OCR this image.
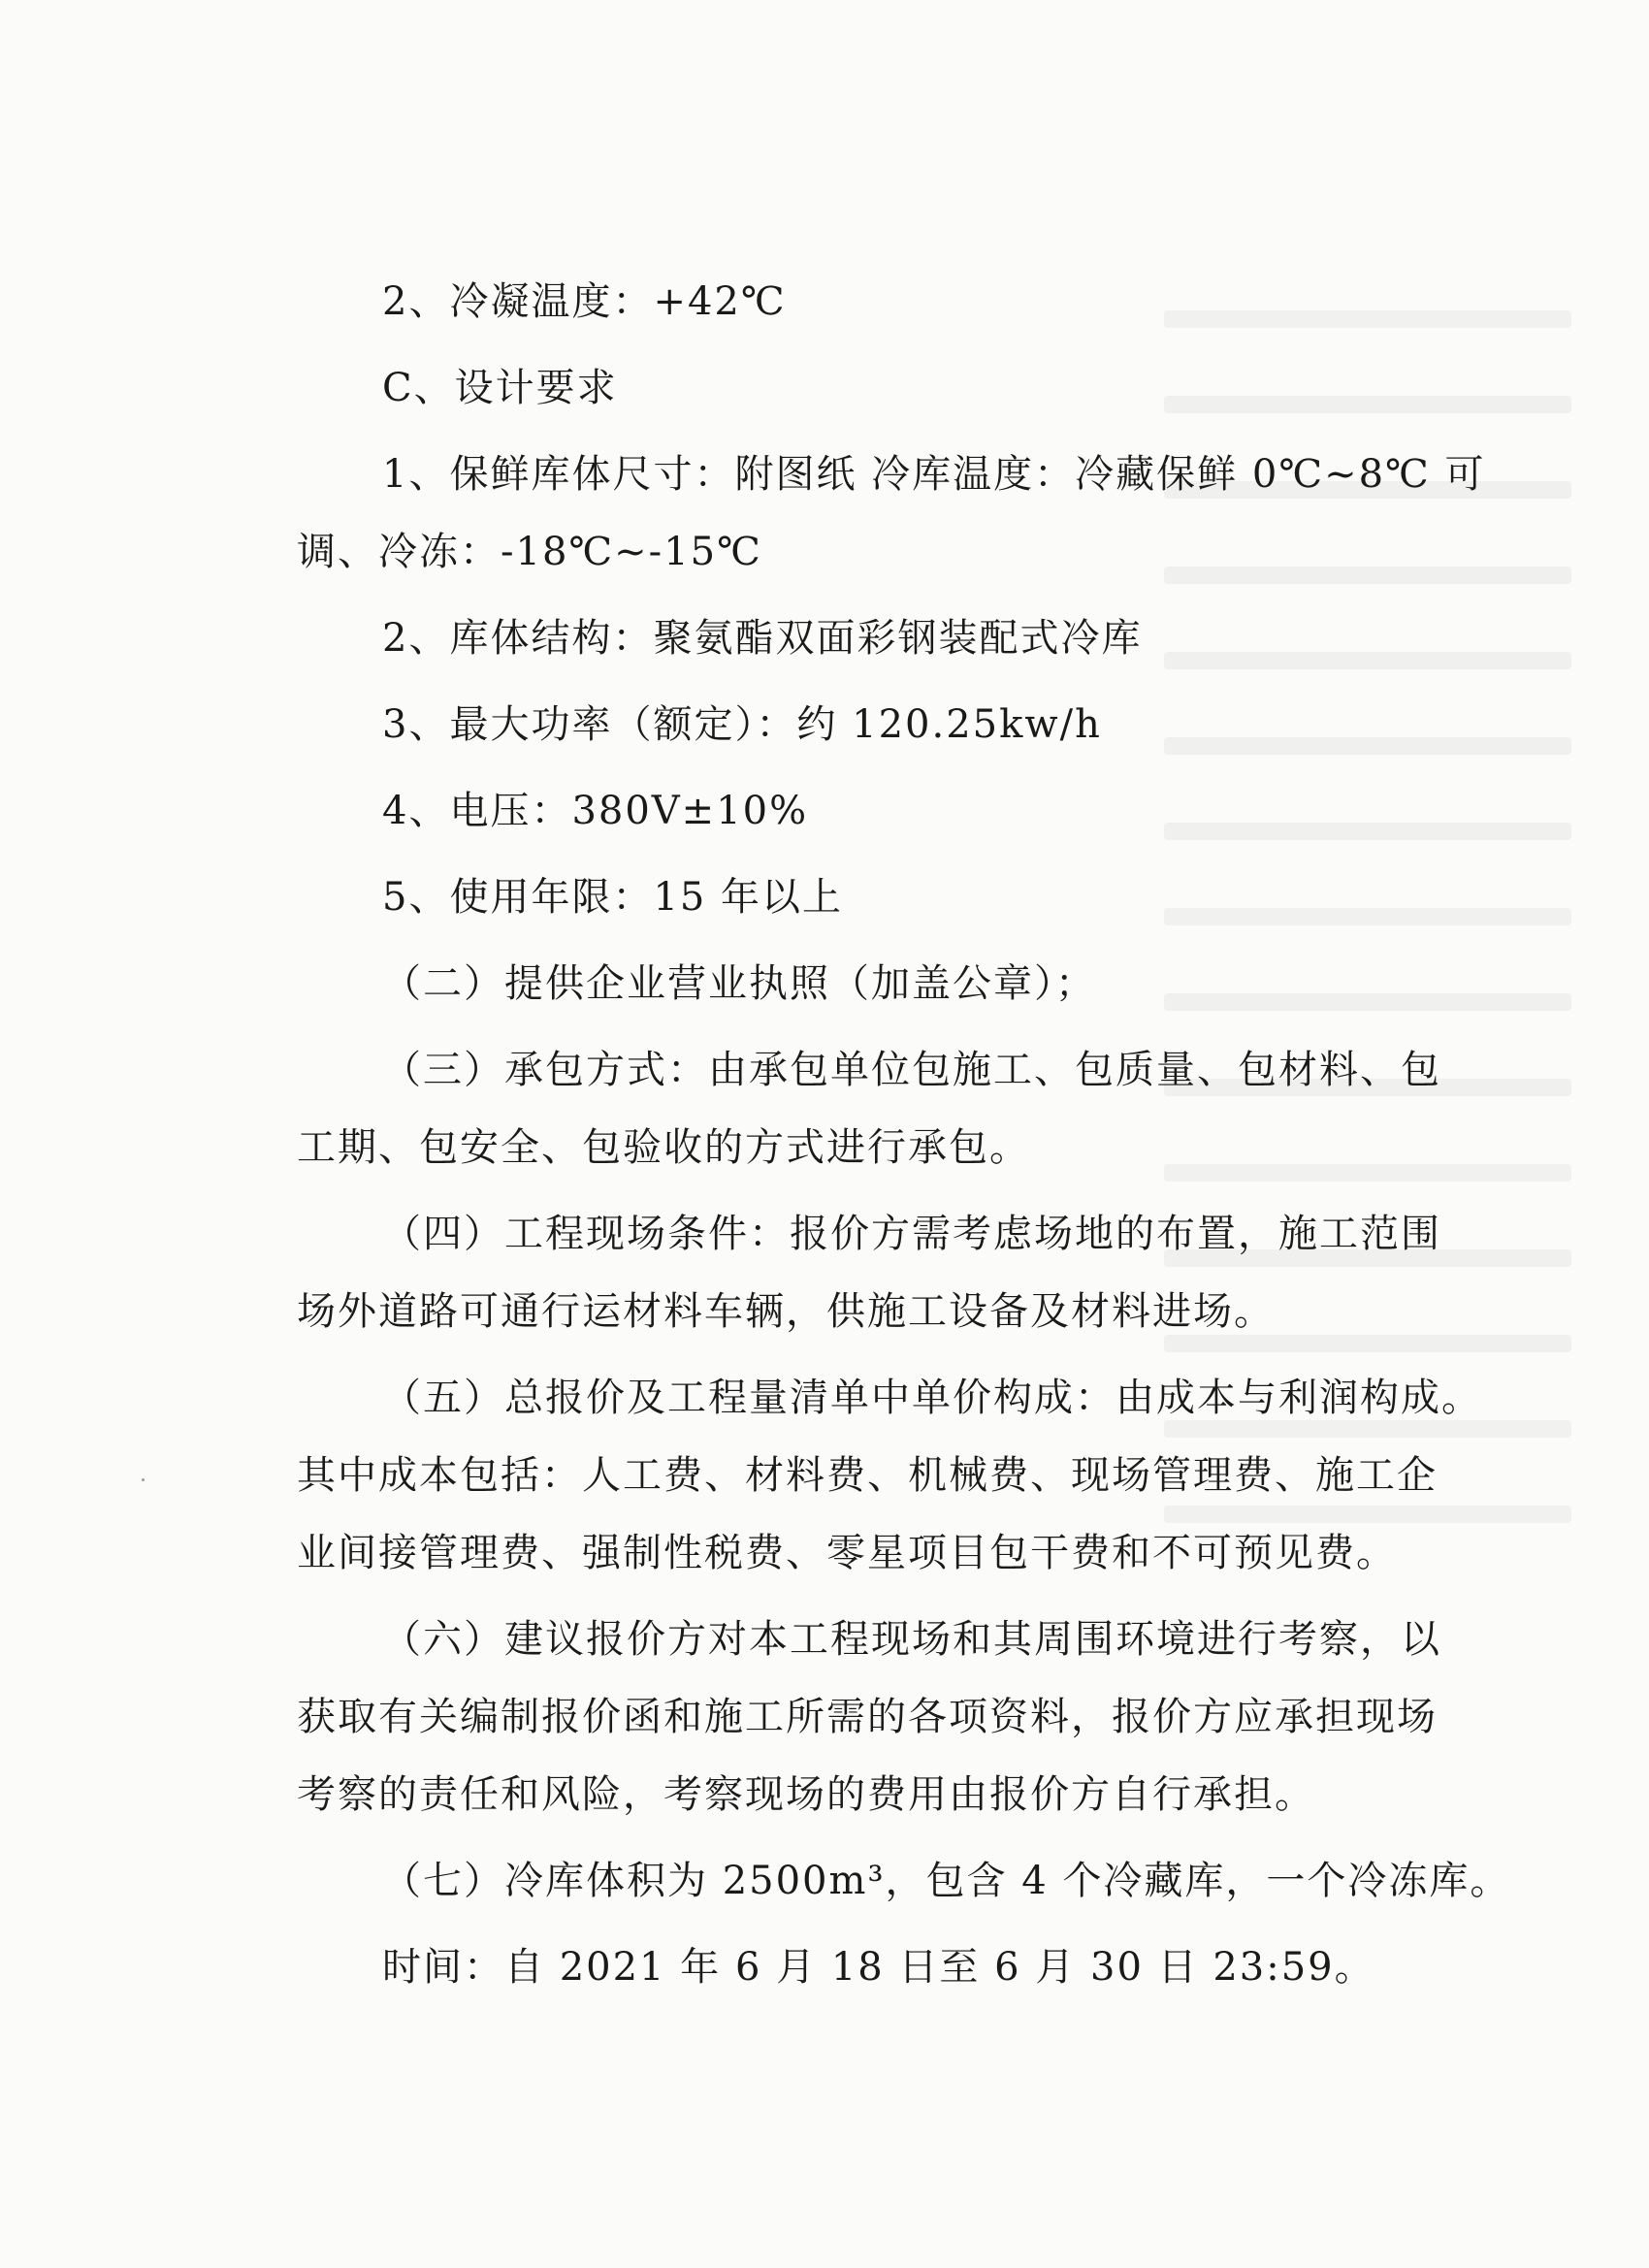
2、冷凝温度：+42℃
C、设计要求
1、保鲜库体尺寸：附图纸 冷库温度：冷藏保鲜 0℃~8℃ 可
调、冷冻：-18℃~-15℃
2、库体结构：聚氨酯双面彩钢装配式冷库
3、最大功率（额定）：约 120.25kw/h
4、电压：380V±10%
5、使用年限：15 年以上
（二）提供企业营业执照（加盖公章）；
（三）承包方式：由承包单位包施工、包质量、包材料、包
工期、包安全、包验收的方式进行承包。
（四）工程现场条件：报价方需考虑场地的布置，施工范围
场外道路可通行运材料车辆，供施工设备及材料进场。
（五）总报价及工程量清单中单价构成：由成本与利润构成。
其中成本包括：人工费、材料费、机械费、现场管理费、施工企
业间接管理费、强制性税费、零星项目包干费和不可预见费。
（六）建议报价方对本工程现场和其周围环境进行考察，以
获取有关编制报价函和施工所需的各项资料，报价方应承担现场
考察的责任和风险，考察现场的费用由报价方自行承担。
（七）冷库体积为 2500m³，包含 4 个冷藏库，一个冷冻库。
时间：自 2021 年 6 月 18 日至 6 月 30 日 23:59。
